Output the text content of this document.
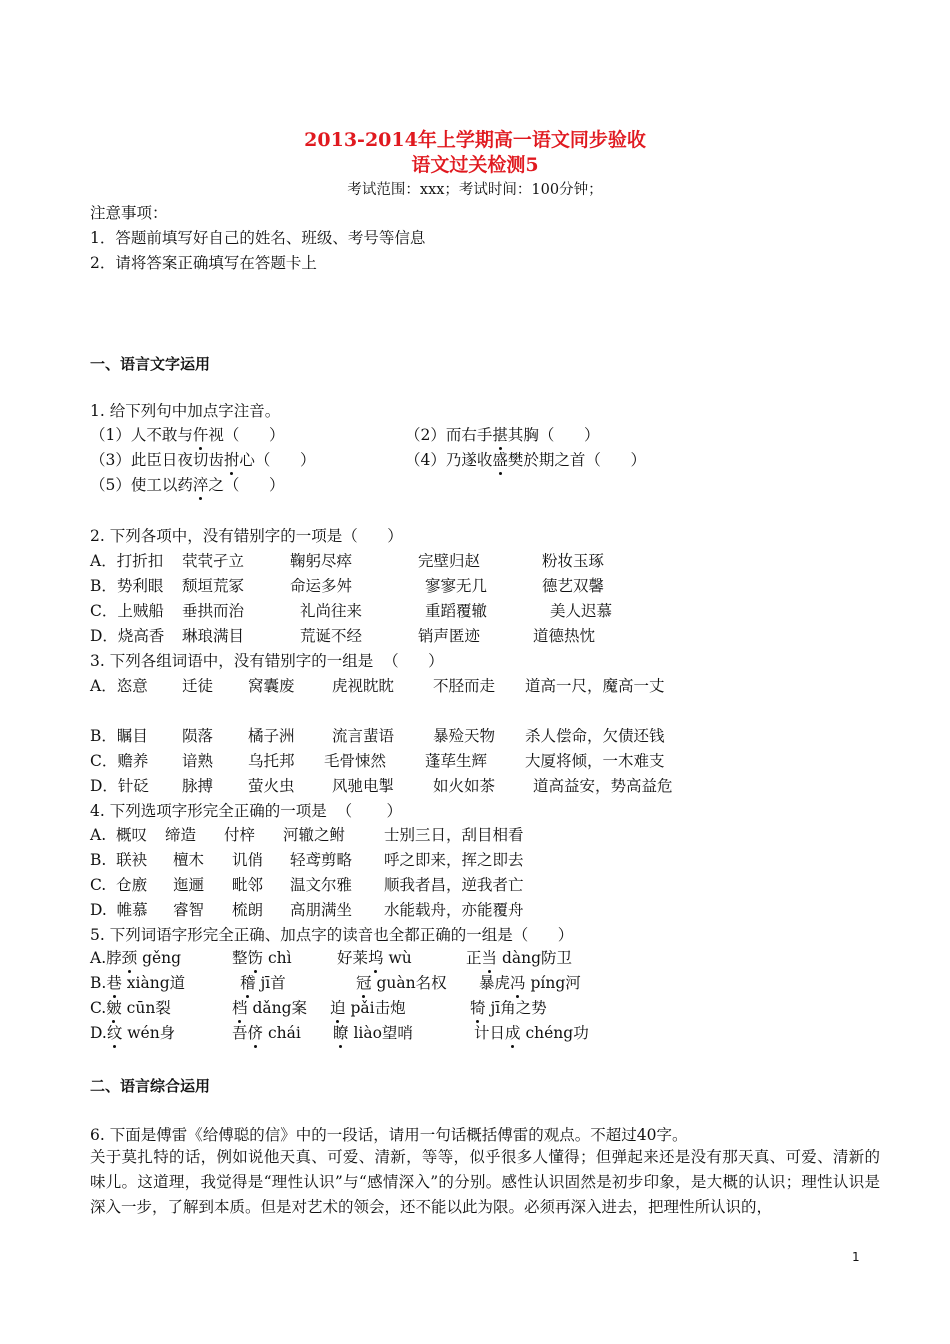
2013-2014年上学期高一语文同步验收
语文过关检测5
考试范围：xxx；考试时间：100分钟；
注意事项：
1．答题前填写好自己的姓名、班级、考号等信息
2．请将答案正确填写在答题卡上
一、语言文字运用
1. 给下列句中加点字注音。
（1）人不敢与仵视（      ）	（2）而右手揕其胸（      ）
（3）此臣日夜切齿拊心（      ）	（4）乃遂收盛樊於期之首（      ）
（5）使工以药淬之（      ）
2. 下列各项中，没有错别字的一项是（      ）
A．打折扣 茕茕孑立	鞠躬尽瘁	完壁归赵	粉妆玉琢
B．势利眼 颓垣荒冢	命运多舛	寥寥无几	德艺双馨
C．上贼船 垂拱而治	礼尚往来	重蹈覆辙	美人迟慕
D．烧高香 琳琅满目	荒诞不经	销声匿迹	道德热忱
3. 下列各组词语中，没有错别字的一组是  （      ）
A．恣意 迁徒 窝囊废 虎视眈眈	不胫而走 道高一尺，魔高一丈
B．瞩目 陨落 橘子洲 流言蜚语	暴殓天物 杀人偿命，欠债还钱
C．赡养 谙熟 乌托邦 毛骨悚然	蓬荜生辉 大厦将倾，一木难支
D．针砭 脉搏 萤火虫 风驰电掣	如火如茶 道高益安，势高益危
4. 下列选项字形完全正确的一项是  （       ）
A.  概叹 缔造 付梓 河辙之鲋	士别三日，刮目相看
B.  联袂 檀木 讥俏 轻鸢剪略 呼之即来，挥之即去
C.  仓廒 迤逦 毗邻 温文尔雅 顺我者昌，逆我者亡
D.  帷慕 睿智 梳朗 高朋满坐 水能载舟，亦能覆舟
5. 下列词语字形完全正确、加点字的读音也全都正确的一组是（      ）
A.脖颈 gěng	整饬 chì	好莱坞 wù	正当 dàng防卫
B.巷 xiàng道	稽 jī首	冠 guàn名权 暴虎冯 píng河
C.皴 cūn裂	档 dǎng案 迫 pǎi击炮	犄 jī角之势
D.纹 wén身	吾侪 chái 瞭 liào望哨	计日成 chéng功
二、语言综合运用
6. 下面是傅雷《给傅聪的信》中的一段话，请用一句话概括傅雷的观点。不超过40字。
关于莫扎特的话，例如说他天真、可爱、清新，等等，似乎很多人懂得；但弹起来还是没有那天真、可爱、清新的味儿。这道理，我觉得是“理性认识”与“感情深入”的分别。感性认识固然是初步印象，是大概的认识；理性认识是深入一步，了解到本质。但是对艺术的领会，还不能以此为限。必须再深入进去，把理性所认识的，
1
